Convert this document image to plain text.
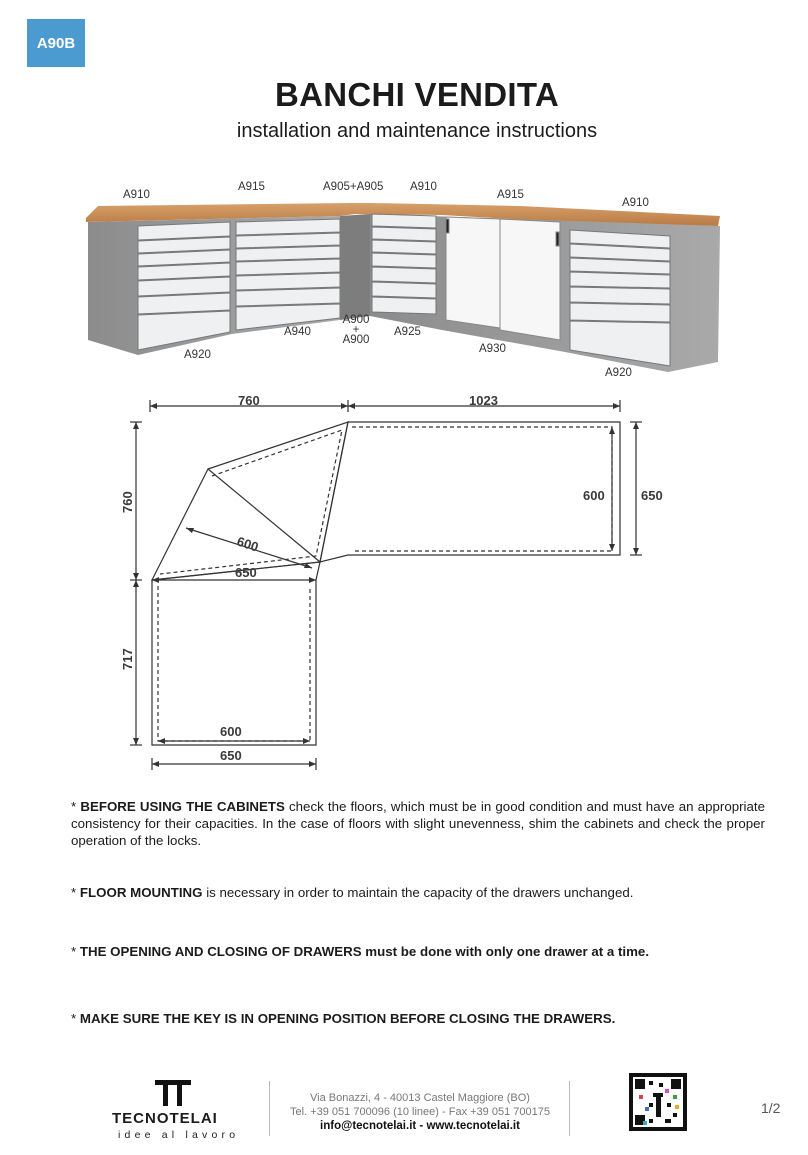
A90B
BANCHI VENDITA
installation and maintenance instructions
A910
A915	A905+A905 A910
A915
A910
A920
A940
A900
+
A900
A925
A930
A920
760	1023
600	650
760
600
650
717
600
650
* BEFORE USING THE CABINETS check the floors, which must be in good condition and must have an appropriate consistency for their capacities. In the case of floors with slight unevenness, shim the cabinets and check the proper operation of the locks.
* FLOOR MOUNTING is necessary in order to maintain the capacity of the drawers unchanged.
* THE OPENING AND CLOSING OF DRAWERS must be done with only one drawer at a time.
* MAKE SURE THE KEY IS IN OPENING POSITION BEFORE CLOSING THE DRAWERS.
TECNOTELAI
idee al lavoro
Via Bonazzi, 4 - 40013 Castel Maggiore (BO)
Tel. +39 051 700096 (10 linee) - Fax +39 051 700175
info@tecnotelai.it - www.tecnotelai.it
1/2
